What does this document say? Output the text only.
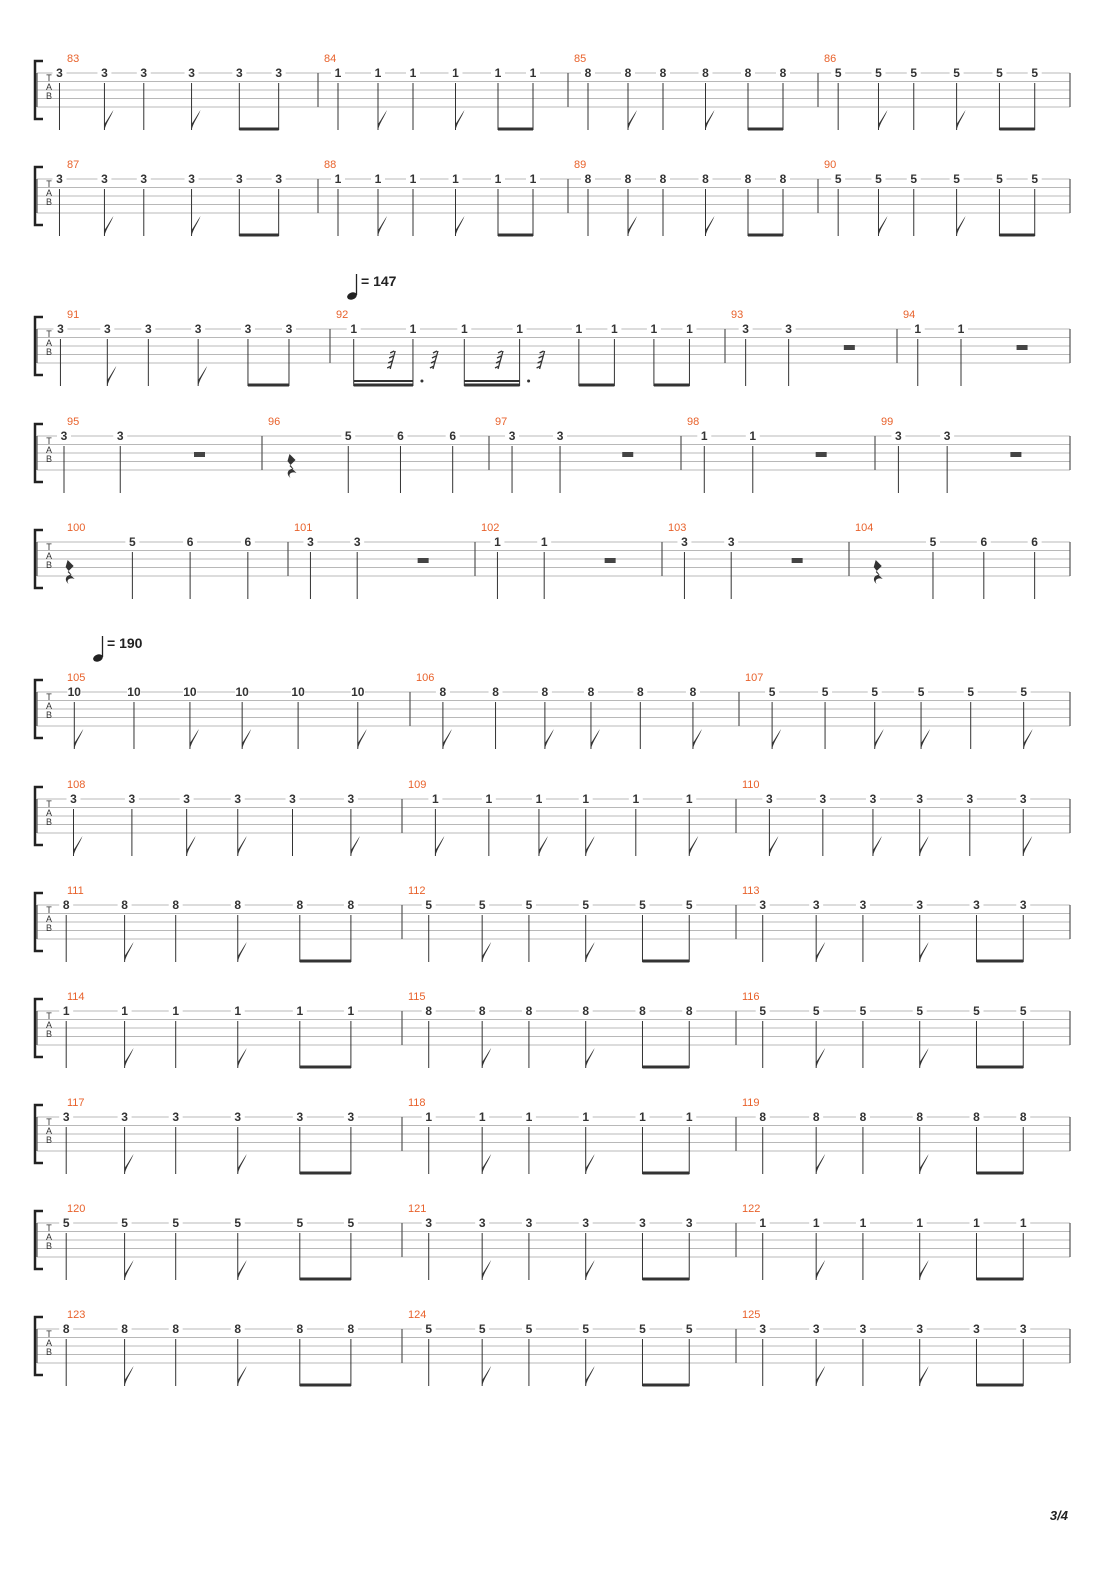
T
A
B
83
3	3	3	3	3	3
84
1	1 1	1	1 1
85
8	8 8	8	8 8
86
5	5 5	5	5 5
T
A
B
87
3	3	3	3	3	3
88
1	1 1	1	1 1
89
8	8 8	8	8 8
90
5	5 5	5	5 5
T
A
B
91
3	3	3	3	3	3
92
1	1	1	1	1 1	1 1
93
3	3
94
1	1
T
A
B
95
3	3
96
5	6	6
97
3	3
98
1	1
99
3	3
T
A
B
100
5	6	6
101
3	3
102
1	1
103
3	3
104
5	6	6
T
A
B
105
10	10	10	10	10	10
106
8	8	8	8	8	8
107
5	5	5	5	5	5
T
A
B
108
3	3	3	3	3	3
109
1	1	1	1	1	1
110
3	3	3	3	3	3
T
A
B
111
8	8	8	8	8	8
112
5	5	5	5	5	5
113
3	3	3	3	3	3
T
A
B
114
1	1	1	1	1	1
115
8	8	8	8	8	8
116
5	5	5	5	5	5
T
A
B
117
3	3	3	3	3	3
118
1	1	1	1	1	1
119
8	8	8	8	8	8
T
A
B
120
5	5	5	5	5	5
121
3	3	3	3	3	3
122
1	1	1	1	1	1
T
A
B
123
8	8	8	8	8	8
124
5	5	5	5	5	5
125
3	3	3	3	3	3
= 147
= 190
3/4
